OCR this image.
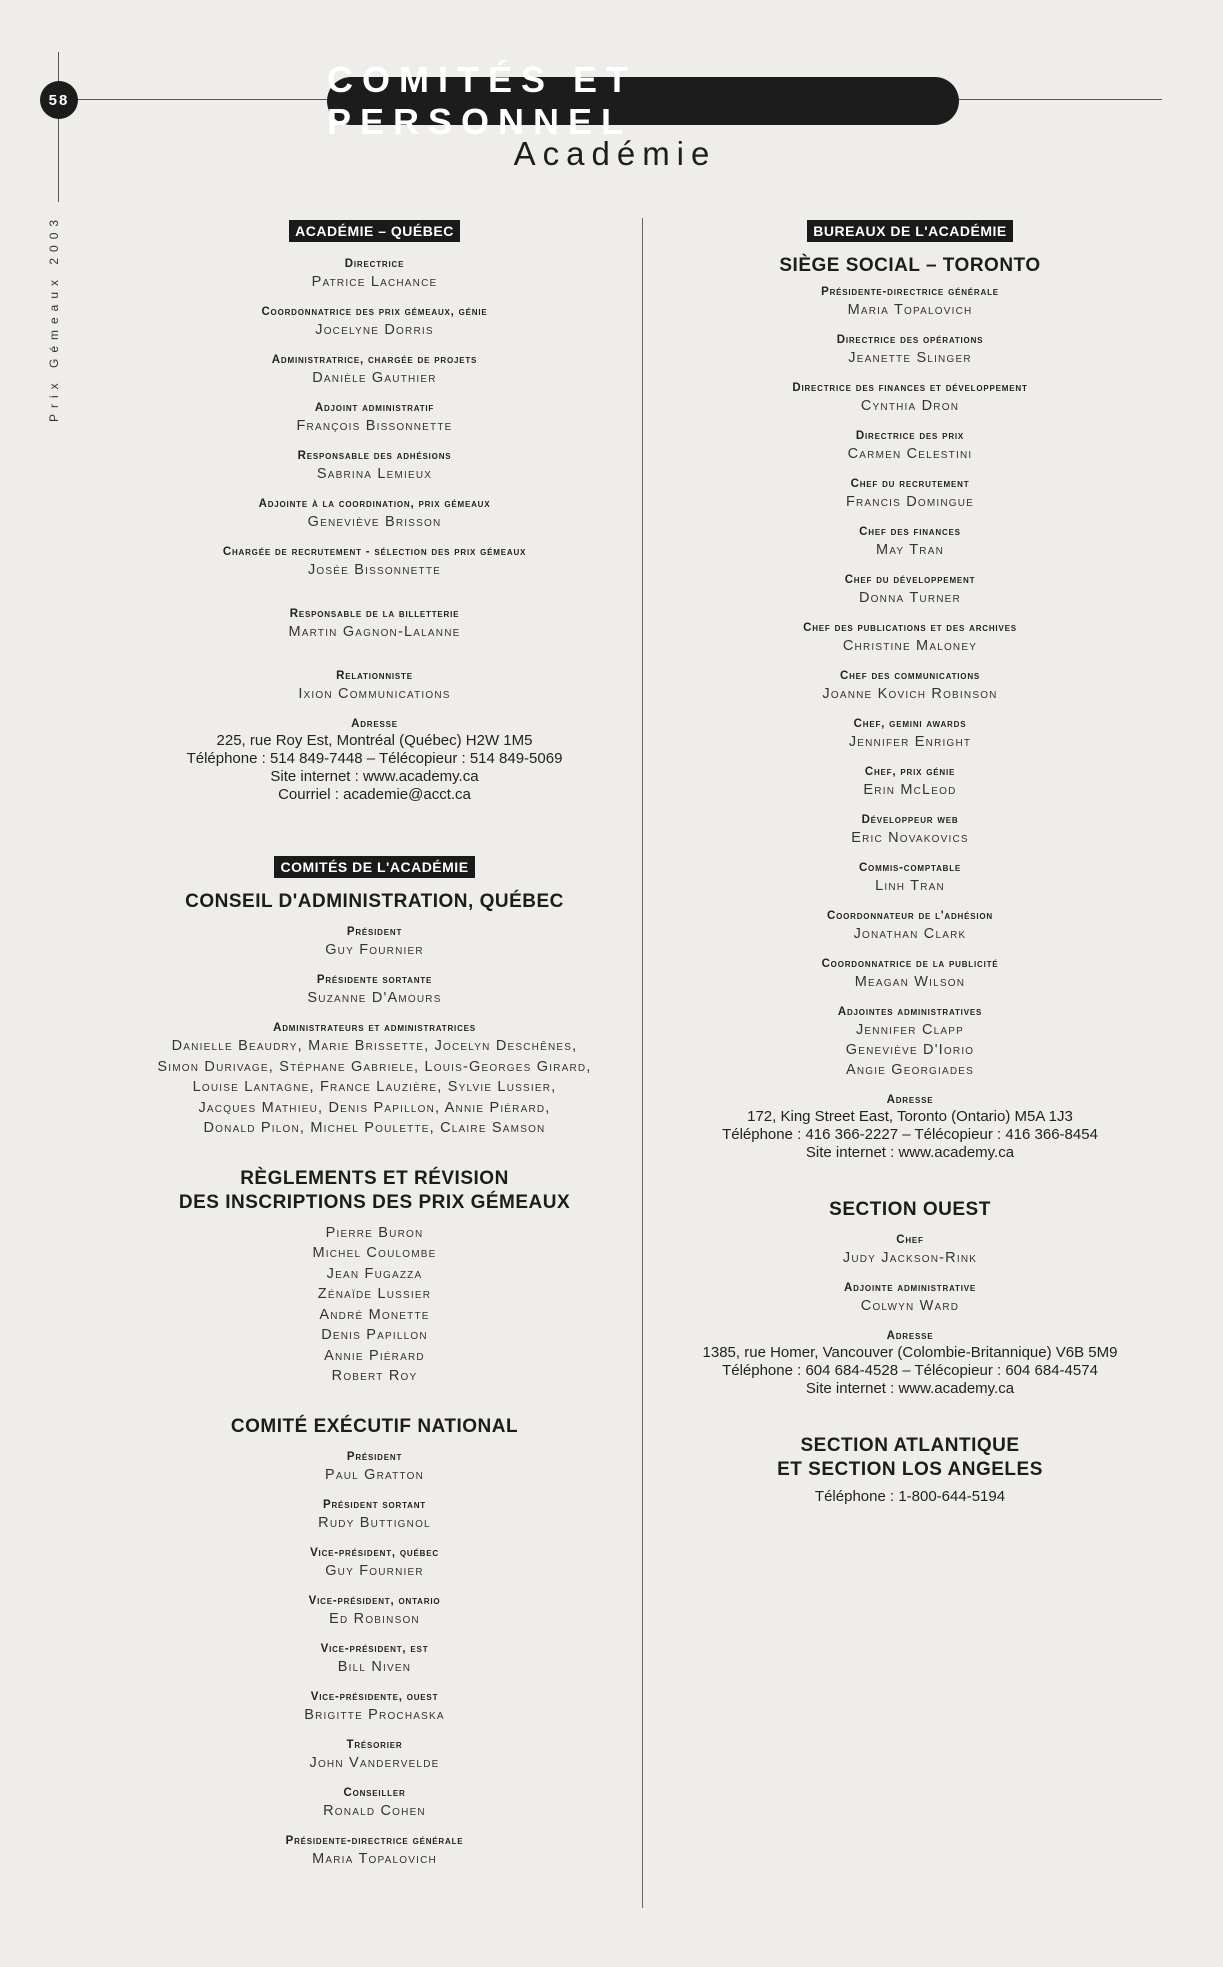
58	COMITÉS ET PERSONNEL
Académie
Prix Gémeaux 2003	ACADÉMIE – QUÉBEC
Directrice
Patrice Lachance
Coordonnatrice des prix gémeaux, génie
Jocelyne Dorris
Administratrice, chargée de projets
Danièle Gauthier
Adjoint administratif
François Bissonnette
Responsable des adhésions
Sabrina Lemieux
Adjointe à la coordination, prix gémeaux
Geneviève Brisson
Chargée de recrutement - sélection des prix gémeaux
Josée Bissonnette
Responsable de la billetterie
Martin Gagnon-Lalanne
Relationniste
Ixion Communications
Adresse
225, rue Roy Est, Montréal (Québec) H2W 1M5
Téléphone : 514 849-7448 – Télécopieur : 514 849-5069
Site internet : www.academy.ca
Courriel : academie@acct.ca
COMITÉS DE L'ACADÉMIE
CONSEIL D'ADMINISTRATION, QUÉBEC
Président
Guy Fournier
Présidente sortante
Suzanne D'Amours
Administrateurs et administratrices
Danielle Beaudry, Marie Brissette, Jocelyn Deschênes,
Simon Durivage, Stéphane Gabriele, Louis-Georges Girard,
Louise Lantagne, France Lauzière, Sylvie Lussier,
Jacques Mathieu, Denis Papillon, Annie Piérard,
Donald Pilon, Michel Poulette, Claire Samson
RÈGLEMENTS ET RÉVISION
DES INSCRIPTIONS DES PRIX GÉMEAUX
Pierre Buron
Michel Coulombe
Jean Fugazza
Zénaïde Lussier
André Monette
Denis Papillon
Annie Piérard
Robert Roy
COMITÉ EXÉCUTIF NATIONAL
Président
Paul Gratton
Président sortant
Rudy Buttignol
Vice-président, québec
Guy Fournier
Vice-président, ontario
Ed Robinson
Vice-président, est
Bill Niven
Vice-présidente, ouest
Brigitte Prochaska
Trésorier
John Vandervelde
Conseiller
Ronald Cohen
Présidente-directrice générale
Maria Topalovich
BUREAUX DE L'ACADÉMIE
SIÈGE SOCIAL – TORONTO
Présidente-directrice générale
Maria Topalovich
Directrice des opérations
Jeanette Slinger
Directrice des finances et développement
Cynthia Dron
Directrice des prix
Carmen Celestini
Chef du recrutement
Francis Domingue
Chef des finances
May Tran
Chef du développement
Donna Turner
Chef des publications et des archives
Christine Maloney
Chef des communications
Joanne Kovich Robinson
Chef, gemini awards
Jennifer Enright
Chef, prix génie
Erin McLeod
Développeur web
Eric Novakovics
Commis-comptable
Linh Tran
Coordonnateur de l'adhésion
Jonathan Clark
Coordonnatrice de la publicité
Meagan Wilson
Adjointes administratives
Jennifer Clapp
Geneviève D'Iorio
Angie Georgiades
Adresse
172, King Street East, Toronto (Ontario) M5A 1J3
Téléphone : 416 366-2227 – Télécopieur : 416 366-8454
Site internet : www.academy.ca
SECTION OUEST
Chef
Judy Jackson-Rink
Adjointe administrative
Colwyn Ward
Adresse
1385, rue Homer, Vancouver (Colombie-Britannique) V6B 5M9
Téléphone : 604 684-4528 – Télécopieur : 604 684-4574
Site internet : www.academy.ca
SECTION ATLANTIQUE
ET SECTION LOS ANGELES
Téléphone : 1-800-644-5194
